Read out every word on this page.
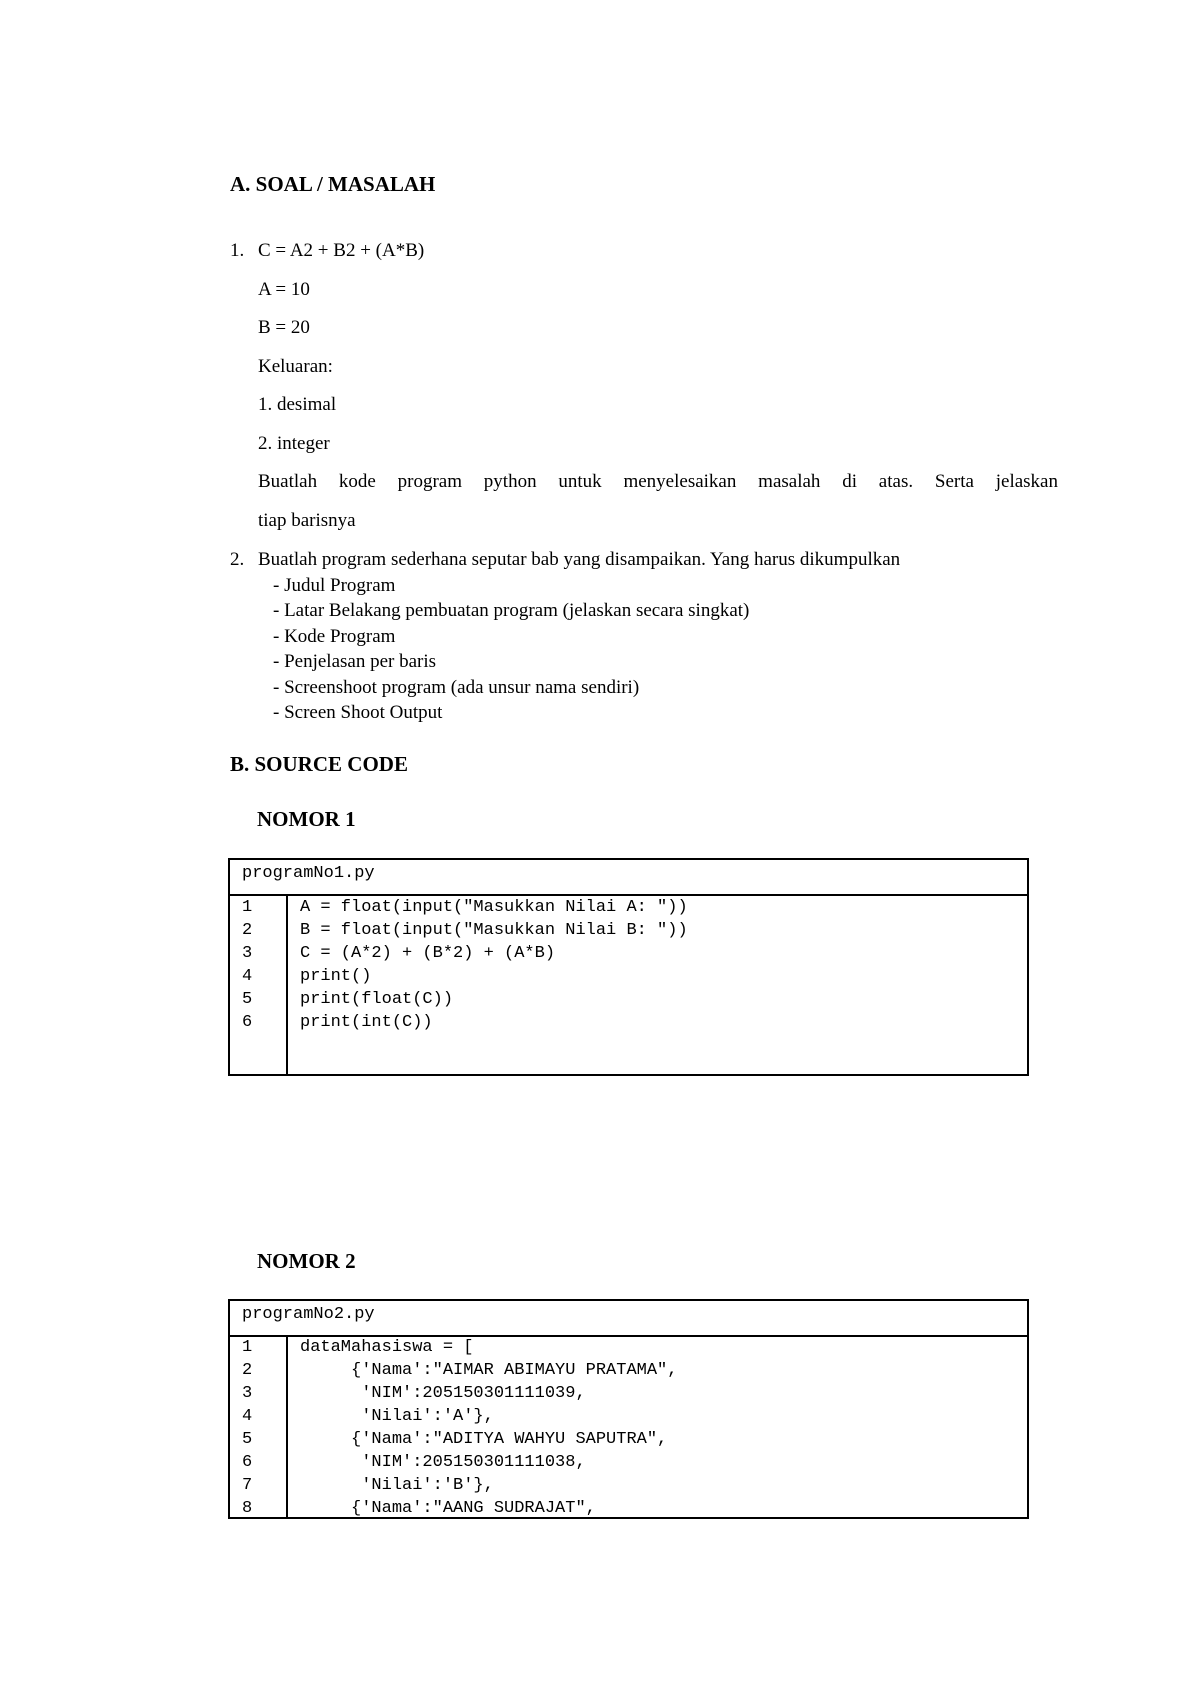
A. SOAL / MASALAH
1. C = A2 + B2 + (A*B)
A = 10
B = 20
Keluaran:
1. desimal
2. integer
Buatlah kode program python untuk menyelesaikan masalah di atas. Serta jelaskan
tiap barisnya
2. Buatlah program sederhana seputar bab yang disampaikan. Yang harus dikumpulkan
- Judul Program
- Latar Belakang pembuatan program (jelaskan secara singkat)
- Kode Program
- Penjelasan per baris
- Screenshoot program (ada unsur nama sendiri)
- Screen Shoot Output
B. SOURCE CODE
NOMOR 1
programNo1.py
1
2
3
4
5
6
A = float(input("Masukkan Nilai A: "))
B = float(input("Masukkan Nilai B: "))
C = (A*2) + (B*2) + (A*B)
print()
print(float(C))
print(int(C))
NOMOR 2
programNo2.py
1
2
3
4
5
6
7
8
dataMahasiswa = [
{'Nama':"AIMAR ABIMAYU PRATAMA",
'NIM':205150301111039,
'Nilai':'A'},
{'Nama':"ADITYA WAHYU SAPUTRA",
'NIM':205150301111038,
'Nilai':'B'},
{'Nama':"AANG SUDRAJAT",
